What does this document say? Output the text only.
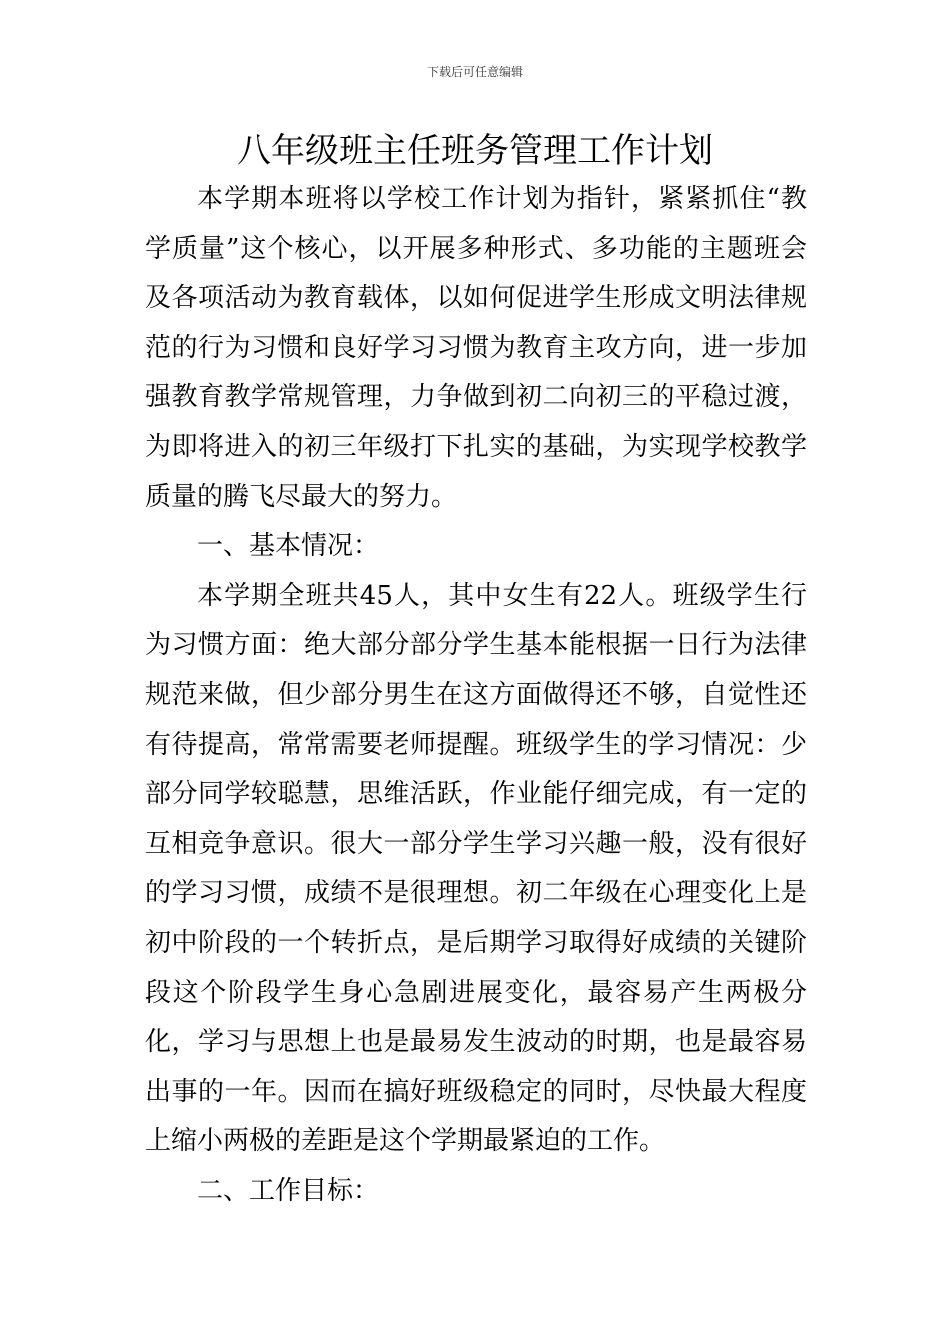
下载后可任意编辑
八年级班主任班务管理工作计划

本学期本班将以学校工作计划为指针，紧紧抓住“教学质量”这个核心，以开展多种形式、多功能的主题班会及各项活动为教育载体，以如何促进学生形成文明法律规范的行为习惯和良好学习习惯为教育主攻方向，进一步加强教育教学常规管理，力争做到初二向初三的平稳过渡，为即将进入的初三年级打下扎实的基础，为实现学校教学质量的腾飞尽最大的努力。

一、基本情况：

本学期全班共45人，其中女生有22人。班级学生行为习惯方面：绝大部分部分学生基本能根据一日行为法律规范来做，但少部分男生在这方面做得还不够，自觉性还有待提高，常常需要老师提醒。班级学生的学习情况：少部分同学较聪慧，思维活跃，作业能仔细完成，有一定的互相竞争意识。很大一部分学生学习兴趣一般，没有很好的学习习惯，成绩不是很理想。初二年级在心理变化上是初中阶段的一个转折点，是后期学习取得好成绩的关键阶段这个阶段学生身心急剧进展变化，最容易产生两极分化，学习与思想上也是最易发生波动的时期，也是最容易出事的一年。因而在搞好班级稳定的同时，尽快最大程度上缩小两极的差距是这个学期最紧迫的工作。

二、工作目标：
